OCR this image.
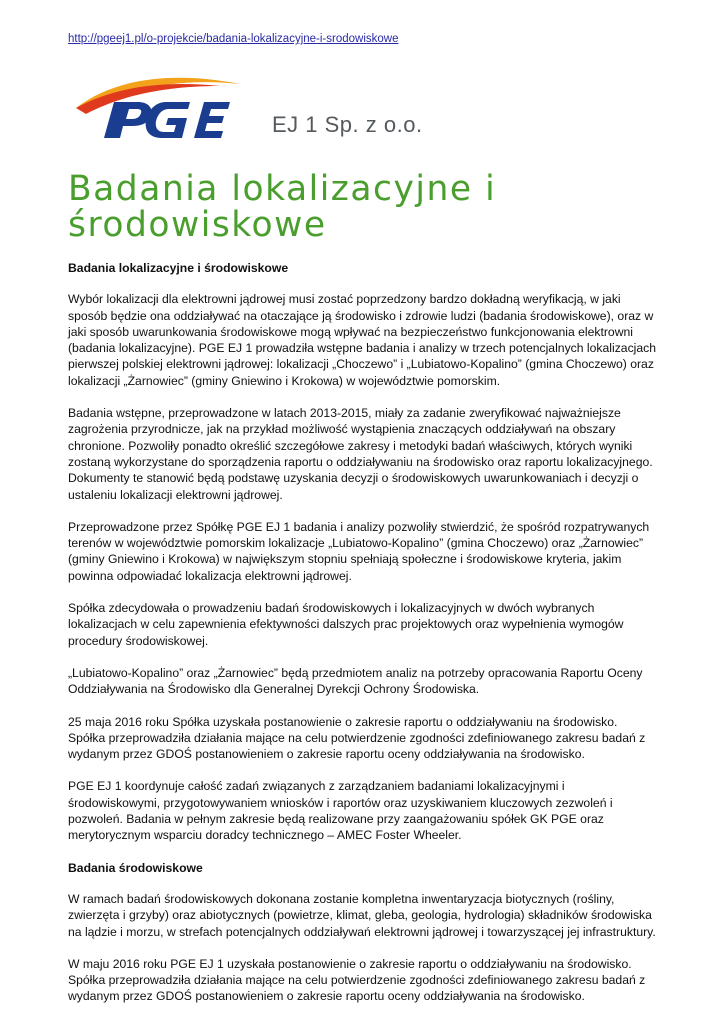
http://pgeej1.pl/o-projekcie/badania-lokalizacyjne-i-srodowiskowe
EJ 1 Sp. z o.o.
Badania lokalizacyjne i środowiskowe
Badania lokalizacyjne i środowiskowe

Wybór lokalizacji dla elektrowni jądrowej musi zostać poprzedzony bardzo dokładną weryfikacją, w jaki sposób będzie ona oddziaływać na otaczające ją środowisko i zdrowie ludzi (badania środowiskowe), oraz w jaki sposób uwarunkowania środowiskowe mogą wpływać na bezpieczeństwo funkcjonowania elektrowni (badania lokalizacyjne). PGE EJ 1 prowadziła wstępne badania i analizy w trzech potencjalnych lokalizacjach pierwszej polskiej elektrowni jądrowej: lokalizacji „Choczewo” i „Lubiatowo-Kopalino” (gmina Choczewo) oraz lokalizacji „Żarnowiec” (gminy Gniewino i Krokowa) w województwie pomorskim.

Badania wstępne, przeprowadzone w latach 2013-2015, miały za zadanie zweryfikować najważniejsze zagrożenia przyrodnicze, jak na przykład możliwość wystąpienia znaczących oddziaływań na obszary chronione. Pozwoliły ponadto określić szczegółowe zakresy i metodyki badań właściwych, których wyniki zostaną wykorzystane do sporządzenia raportu o oddziaływaniu na środowisko oraz raportu lokalizacyjnego. Dokumenty te stanowić będą podstawę uzyskania decyzji o środowiskowych uwarunkowaniach i decyzji o ustaleniu lokalizacji elektrowni jądrowej.

Przeprowadzone przez Spółkę PGE EJ 1 badania i analizy pozwoliły stwierdzić, że spośród rozpatrywanych terenów w województwie pomorskim lokalizacje „Lubiatowo-Kopalino” (gmina Choczewo) oraz „Żarnowiec” (gminy Gniewino i Krokowa) w największym stopniu spełniają społeczne i środowiskowe kryteria, jakim powinna odpowiadać lokalizacja elektrowni jądrowej.

Spółka zdecydowała o prowadzeniu badań środowiskowych i lokalizacyjnych w dwóch wybranych lokalizacjach w celu zapewnienia efektywności dalszych prac projektowych oraz wypełnienia wymogów procedury środowiskowej.

„Lubiatowo-Kopalino” oraz „Żarnowiec” będą przedmiotem analiz na potrzeby opracowania Raportu Oceny Oddziaływania na Środowisko dla Generalnej Dyrekcji Ochrony Środowiska.

25 maja 2016 roku Spółka uzyskała postanowienie o zakresie raportu o oddziaływaniu na środowisko. Spółka przeprowadziła działania mające na celu potwierdzenie zgodności zdefiniowanego zakresu badań z wydanym przez GDOŚ postanowieniem o zakresie raportu oceny oddziaływania na środowisko.

PGE EJ 1 koordynuje całość zadań związanych z zarządzaniem badaniami lokalizacyjnymi i środowiskowymi, przygotowywaniem wniosków i raportów oraz uzyskiwaniem kluczowych zezwoleń i pozwoleń. Badania w pełnym zakresie będą realizowane przy zaangażowaniu spółek GK PGE oraz merytorycznym wsparciu doradcy technicznego – AMEC Foster Wheeler.

Badania środowiskowe

W ramach badań środowiskowych dokonana zostanie kompletna inwentaryzacja biotycznych (rośliny, zwierzęta i grzyby) oraz abiotycznych (powietrze, klimat, gleba, geologia, hydrologia) składników środowiska na lądzie i morzu, w strefach potencjalnych oddziaływań elektrowni jądrowej i towarzyszącej jej infrastruktury.

W maju 2016 roku PGE EJ 1 uzyskała postanowienie o zakresie raportu o oddziaływaniu na środowisko. Spółka przeprowadziła działania mające na celu potwierdzenie zgodności zdefiniowanego zakresu badań z wydanym przez GDOŚ postanowieniem o zakresie raportu oceny oddziaływania na środowisko.
